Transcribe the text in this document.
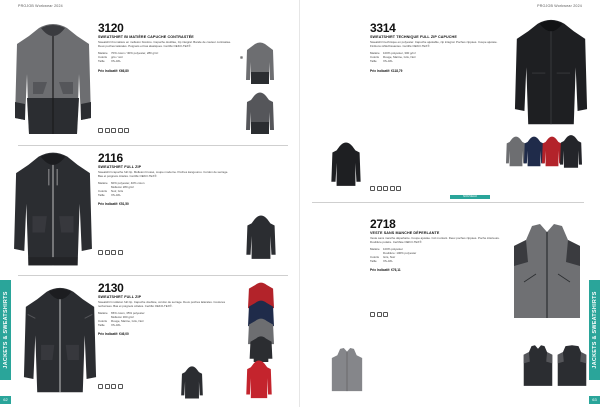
PROJOB Workwear 2024
JACKETS & SWEATSHIRTS
62
3120
SWEATSHIRT BI MATIÈRE CAPUCHE CONTRASTÉE
Sweatshirt bi-matière en molleton bicolore. Capuche doublée, zip intégral. Bande de couleur contrastée. Deux poches latérales. Poignets et bas élastiques. Certifié OEKO-TEX®.
Matière	70% coton / 30% polyester, 280 g/m²
Coloris	gris / noir
Taille	XS-4XL
Prix Indicatif: €66,80
2116
SWEATSHIRT FULL ZIP
Sweatshirt capuche full zip. Molleton brossé, coupe moderne. Poches kangourou. Cordon de serrage. Bas et poignets côtelés. Certifié OEKO-TEX®.
Matière	60% polyester, 40% coton
Molleton 280 g/m²
Coloris	Noir, Gris
Taille	XS-4XL
Prix Indicatif: €51,50
2130
SWEATSHIRT FULL ZIP
Sweatshirt molleton full zip. Capuche doublée, cordon de serrage. Deux poches latérales. Coutures renforcées. Bas et poignets côtelés. Certifié OEKO-TEX®.
Matière	65% coton, 35% polyester
Molleton 300 g/m²
Coloris	Rouge, Marine, Gris, Noir
Taille	XS-4XL
Prix Indicatif: €46,00
PROJOB Workwear 2024
JACKETS & SWEATSHIRTS
63
3314
SWEATSHIRT TECHNIQUE FULL ZIP CAPUCHE
Sweatshirt technique en polyester. Capuche ajustable, zip intégral. Poches zippées. Coupe ajustée. Finitions réfléchissantes. Certifié OEKO-TEX®.
Matière	100% polyester, 300 g/m²
Coloris	Rouge, Marine, Gris, Noir
Taille	XS-4XL
Prix Indicatif: €118,79
NOUVEAU
2718
VESTE SANS MANCHE DÉPERLANTE
Veste sans manche déperlante. Coupe ajustée. Col montant. Deux poches zippées. Poche intérieure. Doublure polaire. Certifiée OEKO-TEX®.
Matière	100% polyester
Doublure: 100% polyester
Coloris	Gris, Noir
Taille	XS-4XL
Prix Indicatif: €76,11
